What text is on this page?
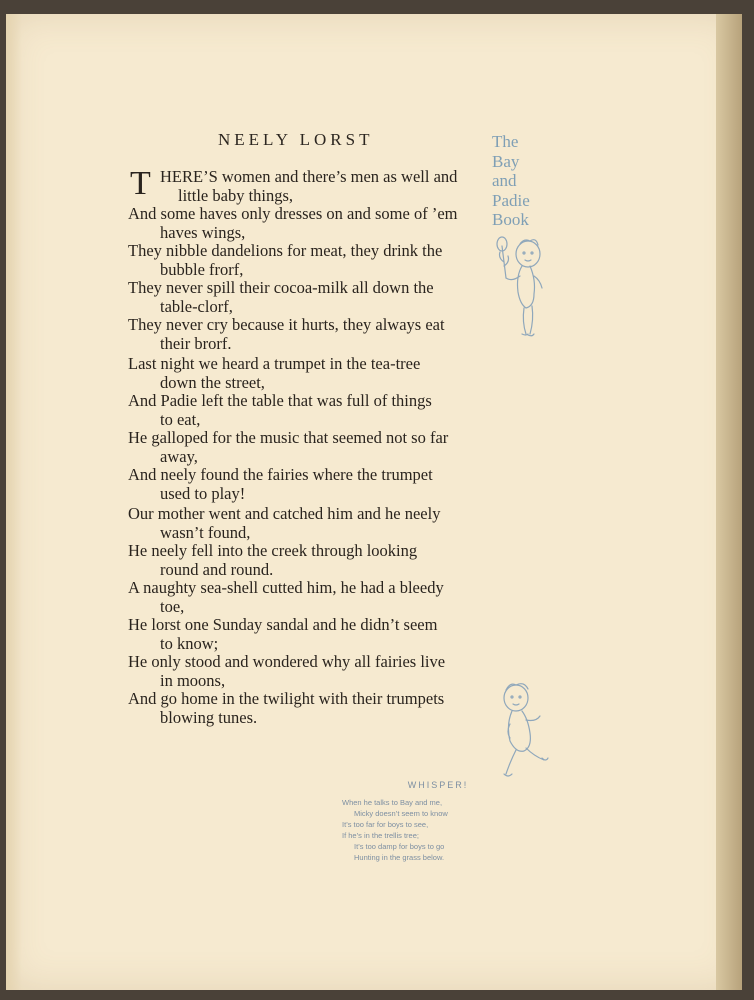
NEELY LORST	The
Bay
and
Padie
Book
T HERE’S women and there’s men as well and
little baby things,
And some haves only dresses on and some of ’em
haves wings,
They nibble dandelions for meat, they drink the
bubble frorf,
They never spill their cocoa-milk all down the
table-clorf,
They never cry because it hurts, they always eat
their brorf.
Last night we heard a trumpet in the tea-tree
down the street,
And Padie left the table that was full of things
to eat,
He galloped for the music that seemed not so far
away,
And neely found the fairies where the trumpet
used to play!
Our mother went and catched him and he neely
wasn’t found,
He neely fell into the creek through looking
round and round.
A naughty sea-shell cutted him, he had a bleedy
toe,
He lorst one Sunday sandal and he didn’t seem
to know;
He only stood and wondered why all fairies live
in moons,
And go home in the twilight with their trumpets
blowing tunes.
WHISPER!
When he talks to Bay and me,
Micky doesn’t seem to know
It’s too far for boys to see,
If he’s in the trellis tree;
It’s too damp for boys to go
Hunting in the grass below.
